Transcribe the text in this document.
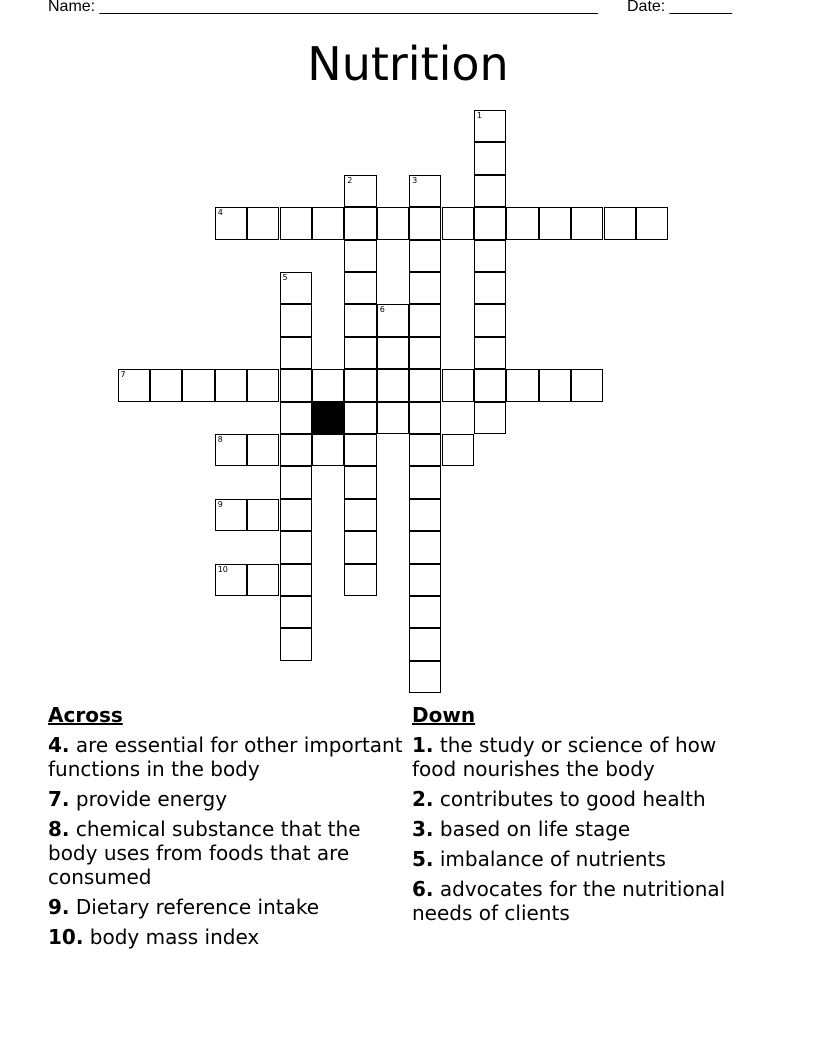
Name: ________________________________________________________ Date: _______
Nutrition
1
2	3
4
5
6
7
8
9
10
Across
4. are essential for other important functions in the body
7. provide energy
8. chemical substance that the body uses from foods that are consumed
9. Dietary reference intake
10. body mass index
Down
1. the study or science of how food nourishes the body
2. contributes to good health
3. based on life stage
5. imbalance of nutrients
6. advocates for the nutritional needs of clients
